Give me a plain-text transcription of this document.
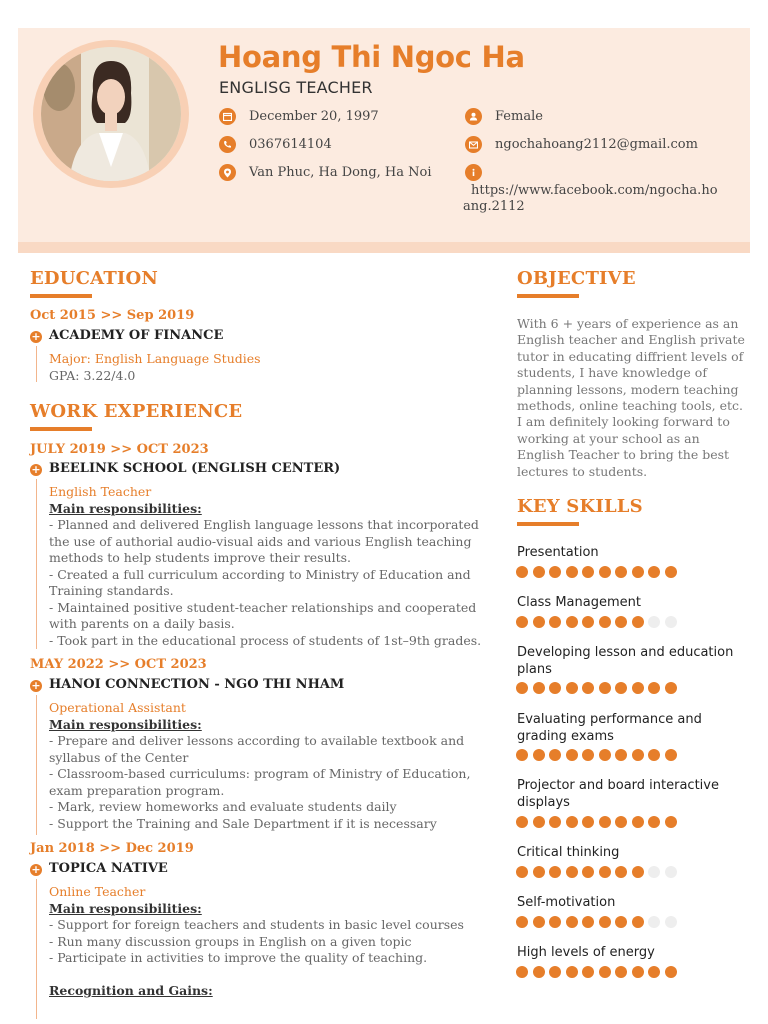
Hoang Thi Ngoc Ha
ENGLISG TEACHER
December 20, 1997
0367614104
Van Phuc, Ha Dong, Ha Noi
Female
ngochahoang2112@gmail.com
https://www.facebook.com/ngocha.hoang.2112
EDUCATION
Oct 2015 >> Sep 2019
+ ACADEMY OF FINANCE
Major: English Language Studies
GPA: 3.22/4.0
WORK EXPERIENCE
JULY 2019 >> OCT 2023
+ BEELINK SCHOOL (ENGLISH CENTER)
English Teacher
Main responsibilities:
- Planned and delivered English language lessons that incorporated the use of authorial audio-visual aids and various English teaching methods to help students improve their results.
- Created a full curriculum according to Ministry of Education and Training standards.
- Maintained positive student-teacher relationships and cooperated with parents on a daily basis.
- Took part in the educational process of students of 1st–9th grades.
MAY 2022 >> OCT 2023
+ HANOI CONNECTION - NGO THI NHAM
Operational Assistant
Main responsibilities:
- Prepare and deliver lessons according to available textbook and syllabus of the Center
- Classroom-based curriculums: program of Ministry of Education, exam preparation program.
- Mark, review homeworks and evaluate students daily
- Support the Training and Sale Department if it is necessary
Jan 2018 >> Dec 2019
+ TOPICA NATIVE
Online Teacher
Main responsibilities:
- Support for foreign teachers and students in basic level courses
- Run many discussion groups in English on a given topic
- Participate in activities to improve the quality of teaching.
Recognition and Gains:
OBJECTIVE
With 6 + years of experience as an English teacher and English private tutor in educating diffrient levels of students, I have knowledge of planning lessons, modern teaching methods, online teaching tools, etc. I am definitely looking forward to working at your school as an English Teacher to bring the best lectures to students.
KEY SKILLS
Presentation
Class Management
Developing lesson and education plans
Evaluating performance and grading exams
Projector and board interactive displays
Critical thinking
Self-motivation
High levels of energy
